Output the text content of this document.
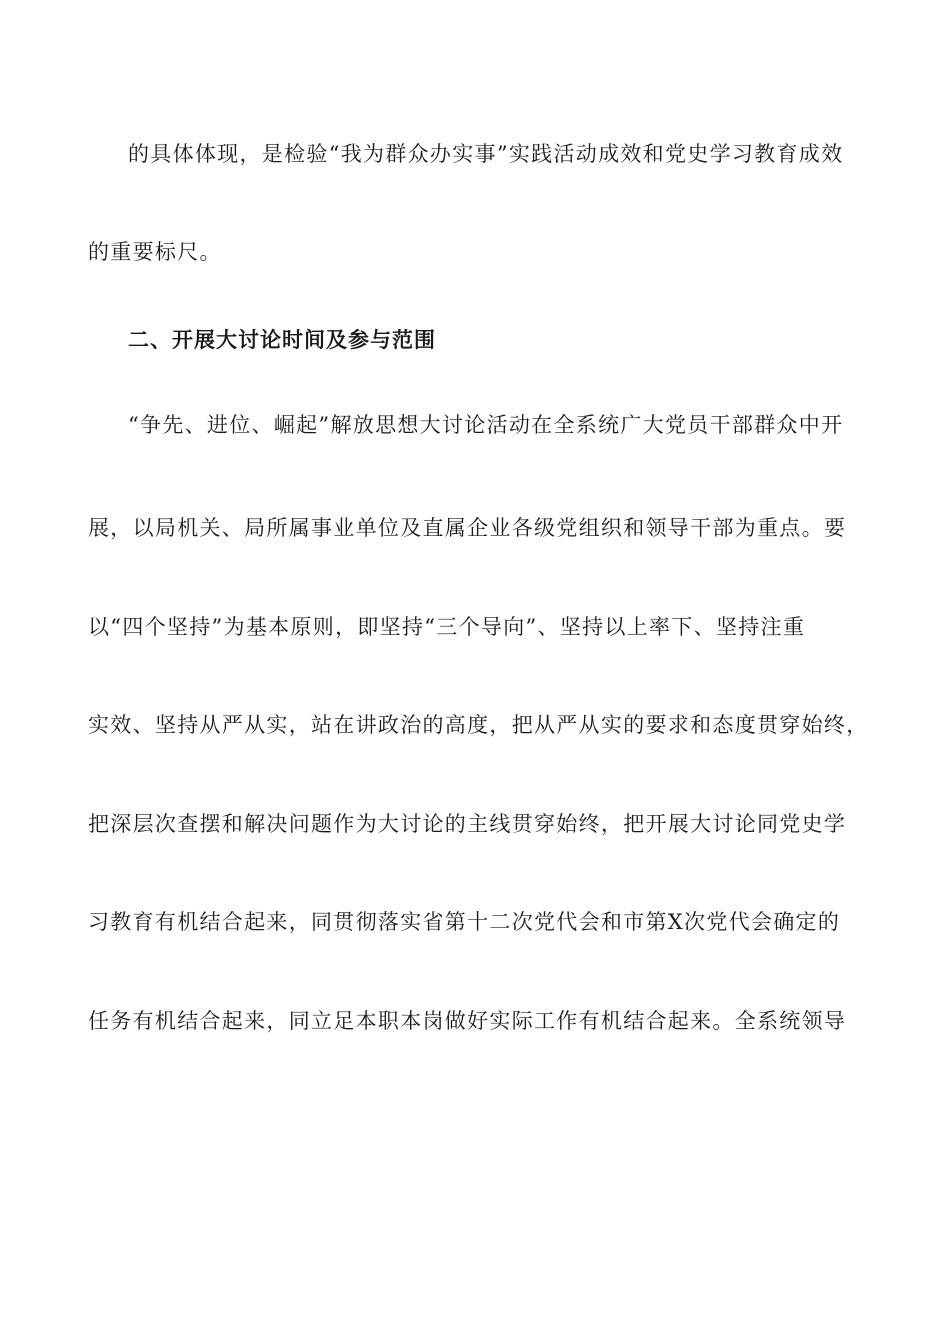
的具体体现，是检验“我为群众办实事”实践活动成效和党史学习教育成效
的重要标尺。
二、开展大讨论时间及参与范围
“争先、进位、崛起”解放思想大讨论活动在全系统广大党员干部群众中开
展，以局机关、局所属事业单位及直属企业各级党组织和领导干部为重点。要
以“四个坚持”为基本原则，即坚持“三个导向”、坚持以上率下、坚持注重
实效、坚持从严从实，站在讲政治的高度，把从严从实的要求和态度贯穿始终，
把深层次查摆和解决问题作为大讨论的主线贯穿始终，把开展大讨论同党史学
习教育有机结合起来，同贯彻落实省第十二次党代会和市第X次党代会确定的
任务有机结合起来，同立足本职本岗做好实际工作有机结合起来。全系统领导
